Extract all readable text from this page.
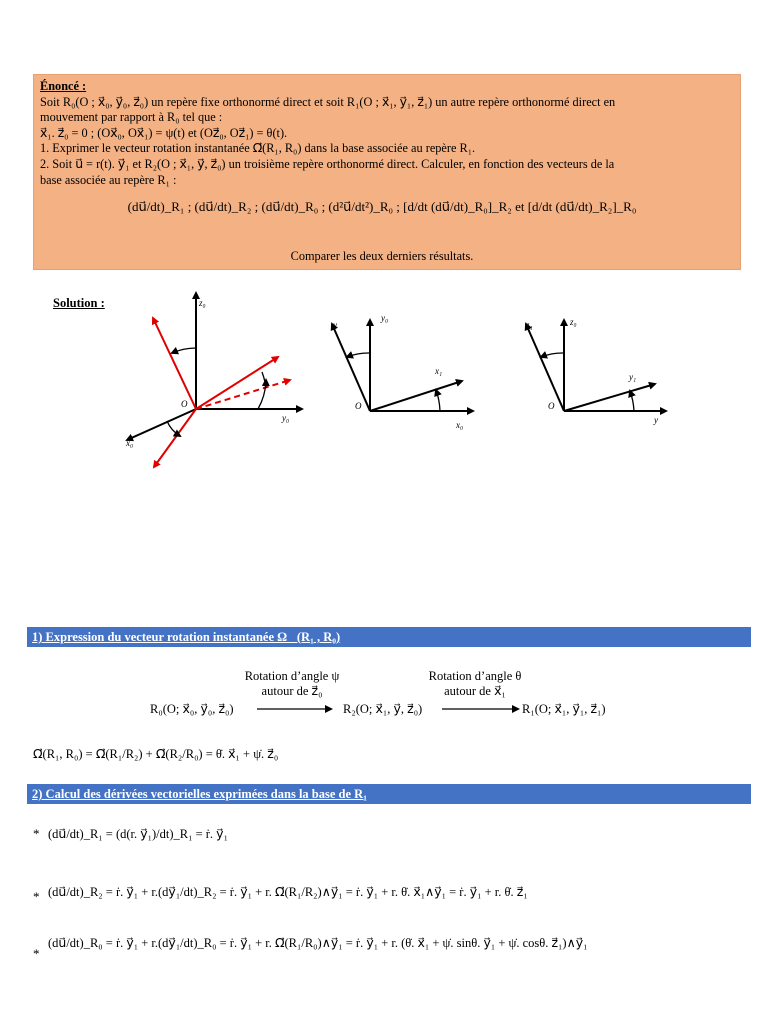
Énoncé :
Soit R₀(O ; x⃗₀, y⃗₀, z⃗₀) un repère fixe orthonormé direct et soit R₁(O ; x⃗₁, y⃗₁, z⃗₁) un autre repère orthonormé direct en
mouvement par rapport à R₀ tel que :
x⃗₁. z⃗₀ = 0 ; (Ox⃗₀, Ox⃗₁) = ψ(t) et (Oz⃗₀, Oz⃗₁) = θ(t).
1. Exprimer le vecteur rotation instantanée Ω⃗(R₁, R₀) dans la base associée au repère R₁.
2. Soit u⃗ = r(t). y⃗₁ et R₂(O ; x⃗₁, y⃗, z⃗₀) un troisième repère orthonormé direct. Calculer, en fonction des vecteurs de la
base associée au repère R₁ :
(du⃗/dt)_R₁ ; (du⃗/dt)_R₂ ; (du⃗/dt)_R₀ ; (d²u⃗/dt²)_R₀ ; [d/dt (du⃗/dt)_R₀]_R₂ et [d/dt (du⃗/dt)_R₂]_R₀
Comparer les deux derniers résultats.
Solution :	z₀
y₀
x₀
O
y
y₀
x₁
x₀
O
z₁	z₀
y₁
y
O
1) Expression du vecteur rotation instantanée Ω⃗(R₁ , R₀)
Rotation d’angle ψ
autour de z⃗₀
Rotation d’angle θ
autour de x⃗₁
R₀(O; x⃗₀, y⃗₀, z⃗₀)	R₂(O; x⃗₁, y⃗, z⃗₀)	R₁(O; x⃗₁, y⃗₁, z⃗₁)
Ω⃗(R₁, R₀) = Ω⃗(R₁/R₂) + Ω⃗(R₂/R₀) = θ̇. x⃗₁ + ψ̇. z⃗₀
2) Calcul des dérivées vectorielles exprimées dans la base de R₁
* (du⃗/dt)_R₁ = (d(r. y⃗₁)/dt)_R₁ = ṙ. y⃗₁
* (du⃗/dt)_R₂ = ṙ. y⃗₁ + r.(dy⃗₁/dt)_R₂ = ṙ. y⃗₁ + r. Ω⃗(R₁/R₂)∧y⃗₁ = ṙ. y⃗₁ + r. θ̇. x⃗₁∧y⃗₁ = ṙ. y⃗₁ + r. θ̇. z⃗₁
*
(du⃗/dt)_R₀ = ṙ. y⃗₁ + r.(dy⃗₁/dt)_R₀ = ṙ. y⃗₁ + r. Ω⃗(R₁/R₀)∧y⃗₁ = ṙ. y⃗₁ + r. (θ̇. x⃗₁ + ψ̇. sinθ. y⃗₁ + ψ̇. cosθ. z⃗₁)∧y⃗₁
